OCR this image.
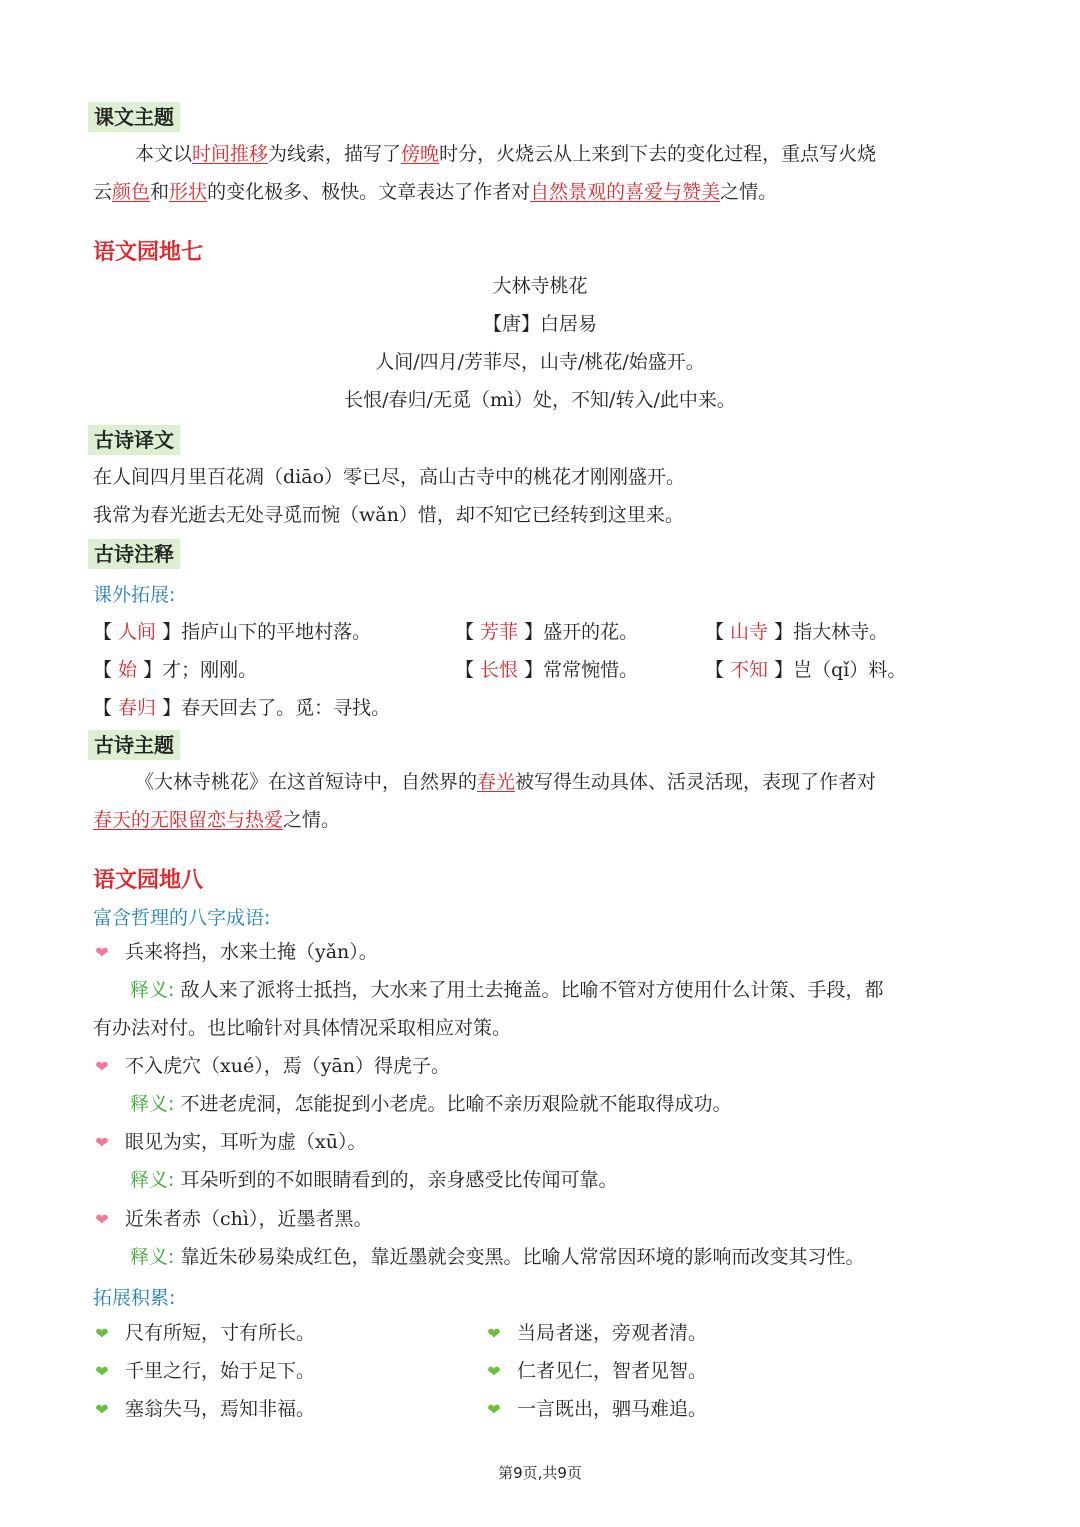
课文主题
本文以时间推移为线索，描写了傍晚时分，火烧云从上来到下去的变化过程，重点写火烧
云颜色和形状的变化极多、极快。文章表达了作者对自然景观的喜爱与赞美之情。
语文园地七
大林寺桃花
【唐】白居易
人间/四月/芳菲尽，山寺/桃花/始盛开。
长恨/春归/无觅（mì）处，不知/转入/此中来。
古诗译文
在人间四月里百花凋（diāo）零已尽，高山古寺中的桃花才刚刚盛开。
我常为春光逝去无处寻觅而惋（wǎn）惜，却不知它已经转到这里来。
古诗注释
课外拓展:
【 人间 】指庐山下的平地村落。	【 芳菲 】盛开的花。	【 山寺 】指大林寺。
【 始 】才；刚刚。	【 长恨 】常常惋惜。	【 不知 】岂（qǐ）料。
【 春归 】春天回去了。觅：寻找。
古诗主题
《大林寺桃花》在这首短诗中，自然界的春光被写得生动具体、活灵活现，表现了作者对
春天的无限留恋与热爱之情。
语文园地八
富含哲理的八字成语:
❤ 兵来将挡，水来土掩（yǎn）。
释义: 敌人来了派将士抵挡，大水来了用土去掩盖。比喻不管对方使用什么计策、手段，都
有办法对付。也比喻针对具体情况采取相应对策。
❤ 不入虎穴（xué），焉（yān）得虎子。
释义: 不进老虎洞，怎能捉到小老虎。比喻不亲历艰险就不能取得成功。
❤ 眼见为实，耳听为虚（xū）。
释义: 耳朵听到的不如眼睛看到的，亲身感受比传闻可靠。
❤ 近朱者赤（chì），近墨者黑。
释义: 靠近朱砂易染成红色，靠近墨就会变黑。比喻人常常因环境的影响而改变其习性。
拓展积累:
❤ 尺有所短，寸有所长。	❤ 当局者迷，旁观者清。
❤ 千里之行，始于足下。	❤ 仁者见仁，智者见智。
❤ 塞翁失马，焉知非福。	❤ 一言既出，驷马难追。
第9页,共9页
